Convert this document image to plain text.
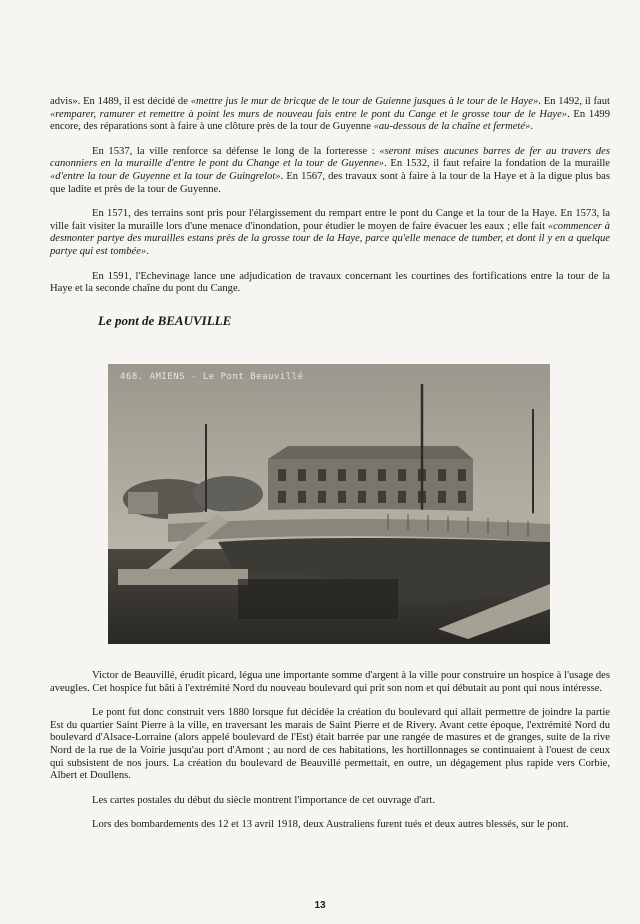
advis». En 1489, il est décidé de «mettre jus le mur de bricque de le tour de Guienne jusques à le tour de le Haye». En 1492, il faut «remparer, ramurer et remettre à point les murs de nouveau fais entre le pont du Cange et le grosse tour de le Haye». En 1499 encore, des réparations sont à faire à une clôture près de la tour de Guyenne «au-dessous de la chaîne et fermeté».

En 1537, la ville renforce sa défense le long de la forteresse : «seront mises aucunes barres de fer au travers des canonniers en la muraille d'entre le pont du Change et la tour de Guyenne». En 1532, il faut refaire la fondation de la muraille «d'entre la tour de Guyenne et la tour de Guingrelot». En 1567, des travaux sont à faire à la tour de la Haye et à la digue plus bas que ladite et près de la tour de Guyenne.

En 1571, des terrains sont pris pour l'élargissement du rempart entre le pont du Cange et la tour de la Haye. En 1573, la ville fait visiter la muraille lors d'une menace d'inondation, pour étudier le moyen de faire évacuer les eaux ; elle fait «commencer à desmonter partye des murailles estans près de la grosse tour de la Haye, parce qu'elle menace de tumber, et dont il y en a quelque partye qui est tombée».

En 1591, l'Echevinage lance une adjudication de travaux concernant les courtines des fortifications entre la tour de la Haye et la seconde chaîne du pont du Cange.

Le pont de BEAUVILLE
468. AMIENS - Le Pont Beauvillé

Victor de Beauvillé, érudit picard, légua une importante somme d'argent à la ville pour construire un hospice à l'usage des aveugles. Cet hospice fut bâti à l'extrémité Nord du nouveau boulevard qui prit son nom et qui débutait au pont qui nous intéresse.

Le pont fut donc construit vers 1880 lorsque fut décidée la création du boulevard qui allait permettre de joindre la partie Est du quartier Saint Pierre à la ville, en traversant les marais de Saint Pierre et de Rivery. Avant cette époque, l'extrémité Nord du boulevard d'Alsace-Lorraine (alors appelé boulevard de l'Est) était barrée par une rangée de masures et de granges, suite de la rive Nord de la rue de la Voirie jusqu'au port d'Amont ; au nord de ces habitations, les hortillonnages se continuaient à l'ouest de ceux qui subsistent de nos jours. La création du boulevard de Beauvillé permettait, en outre, un dégagement plus rapide vers Corbie, Albert et Doullens.

Les cartes postales du début du siècle montrent l'importance de cet ouvrage d'art.

Lors des bombardements des 12 et 13 avril 1918, deux Australiens furent tués et deux autres blessés, sur le pont.

13
